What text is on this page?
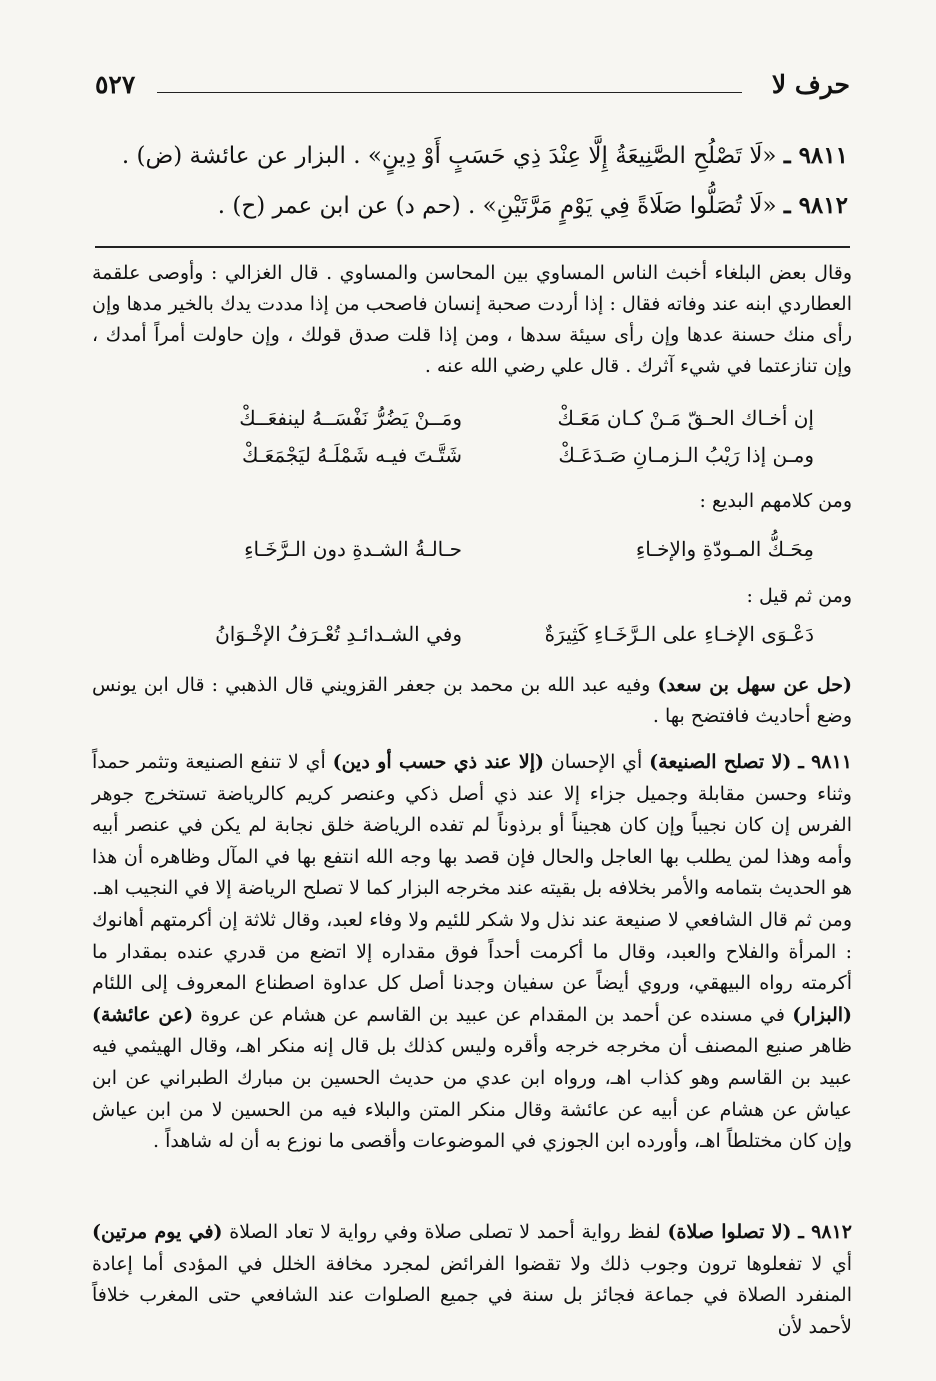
حرف لا
٥٢٧
٩٨١١ ـ «لَا تَصْلُحِ الصَّنِيعَةُ إِلَّا عِنْدَ ذِي حَسَبٍ أَوْ دِينٍ» . البزار عن عائشة (ض) .
٩٨١٢ ـ «لَا تُصَلُّوا صَلَاةً فِي يَوْمٍ مَرَّتَيْنِ» . (حم د) عن ابن عمر (ح) .

وقال بعض البلغاء أخبث الناس المساوي بين المحاسن والمساوي . قال الغزالي : وأوصى علقمة العطاردي ابنه عند وفاته فقال : إذا أردت صحبة إنسان فاصحب من إذا مددت يدك بالخير مدها وإن رأى منك حسنة عدها وإن رأى سيئة سدها ، ومن إذا قلت صدق قولك ، وإن حاولت أمراً أمدك ، وإن تنازعتما في شيء آثرك . قال علي رضي الله عنه .

إن أخـاك الحـقّ مَـنْ كـان مَعَـكْ
ومَــنْ يَضُرُّ نَفْسَــهُ لينفعَــكْ
ومـن إذا رَيْبُ الـزمـانِ صَـدَعَـكْ
شَتَّـتَ فيـه شَمْلَـهُ ليَجْمَعَـكْ
ومن كلامهم البديع :
مِحَـكُّ المـودّةِ والإخـاءِ
حـالـةُ الشـدةِ دون الـرَّخَـاءِ
ومن ثم قيل :
دَعْـوَى الإخـاءِ على الـرَّخَـاءِ كَثِيرَةٌ
وفي الشـدائـدِ تُعْـرَفُ الإخْـوَانُ

(حل عن سهل بن سعد) وفيه عبد الله بن محمد بن جعفر القزويني قال الذهبي : قال ابن يونس وضع أحاديث فافتضح بها .

٩٨١١ ـ (لا تصلح الصنيعة) أي الإحسان (إلا عند ذي حسب أو دين) أي لا تنفع الصنيعة وتثمر حمداً وثناء وحسن مقابلة وجميل جزاء إلا عند ذي أصل ذكي وعنصر كريم كالرياضة تستخرج جوهر الفرس إن كان نجيباً وإن كان هجيناً أو برذوناً لم تفده الرياضة خلق نجابة لم يكن في عنصر أبيه وأمه وهذا لمن يطلب بها العاجل والحال فإن قصد بها وجه الله انتفع بها في المآل وظاهره أن هذا هو الحديث بتمامه والأمر بخلافه بل بقيته عند مخرجه البزار كما لا تصلح الرياضة إلا في النجيب اهـ. ومن ثم قال الشافعي لا صنيعة عند نذل ولا شكر للئيم ولا وفاء لعبد، وقال ثلاثة إن أكرمتهم أهانوك : المرأة والفلاح والعبد، وقال ما أكرمت أحداً فوق مقداره إلا اتضع من قدري عنده بمقدار ما أكرمته رواه البيهقي، وروي أيضاً عن سفيان وجدنا أصل كل عداوة اصطناع المعروف إلى اللئام (البزار) في مسنده عن أحمد بن المقدام عن عبيد بن القاسم عن هشام عن عروة (عن عائشة) ظاهر صنيع المصنف أن مخرجه خرجه وأقره وليس كذلك بل قال إنه منكر اهـ، وقال الهيثمي فيه عبيد بن القاسم وهو كذاب اهـ، ورواه ابن عدي من حديث الحسين بن مبارك الطبراني عن ابن عياش عن هشام عن أبيه عن عائشة وقال منكر المتن والبلاء فيه من الحسين لا من ابن عياش وإن كان مختلطاً اهـ، وأورده ابن الجوزي في الموضوعات وأقصى ما نوزع به أن له شاهداً .

٩٨١٢ ـ (لا تصلوا صلاة) لفظ رواية أحمد لا تصلى صلاة وفي رواية لا تعاد الصلاة (في يوم مرتين) أي لا تفعلوها ترون وجوب ذلك ولا تقضوا الفرائض لمجرد مخافة الخلل في المؤدى أما إعادة المنفرد الصلاة في جماعة فجائز بل سنة في جميع الصلوات عند الشافعي حتى المغرب خلافاً لأحمد لأن
